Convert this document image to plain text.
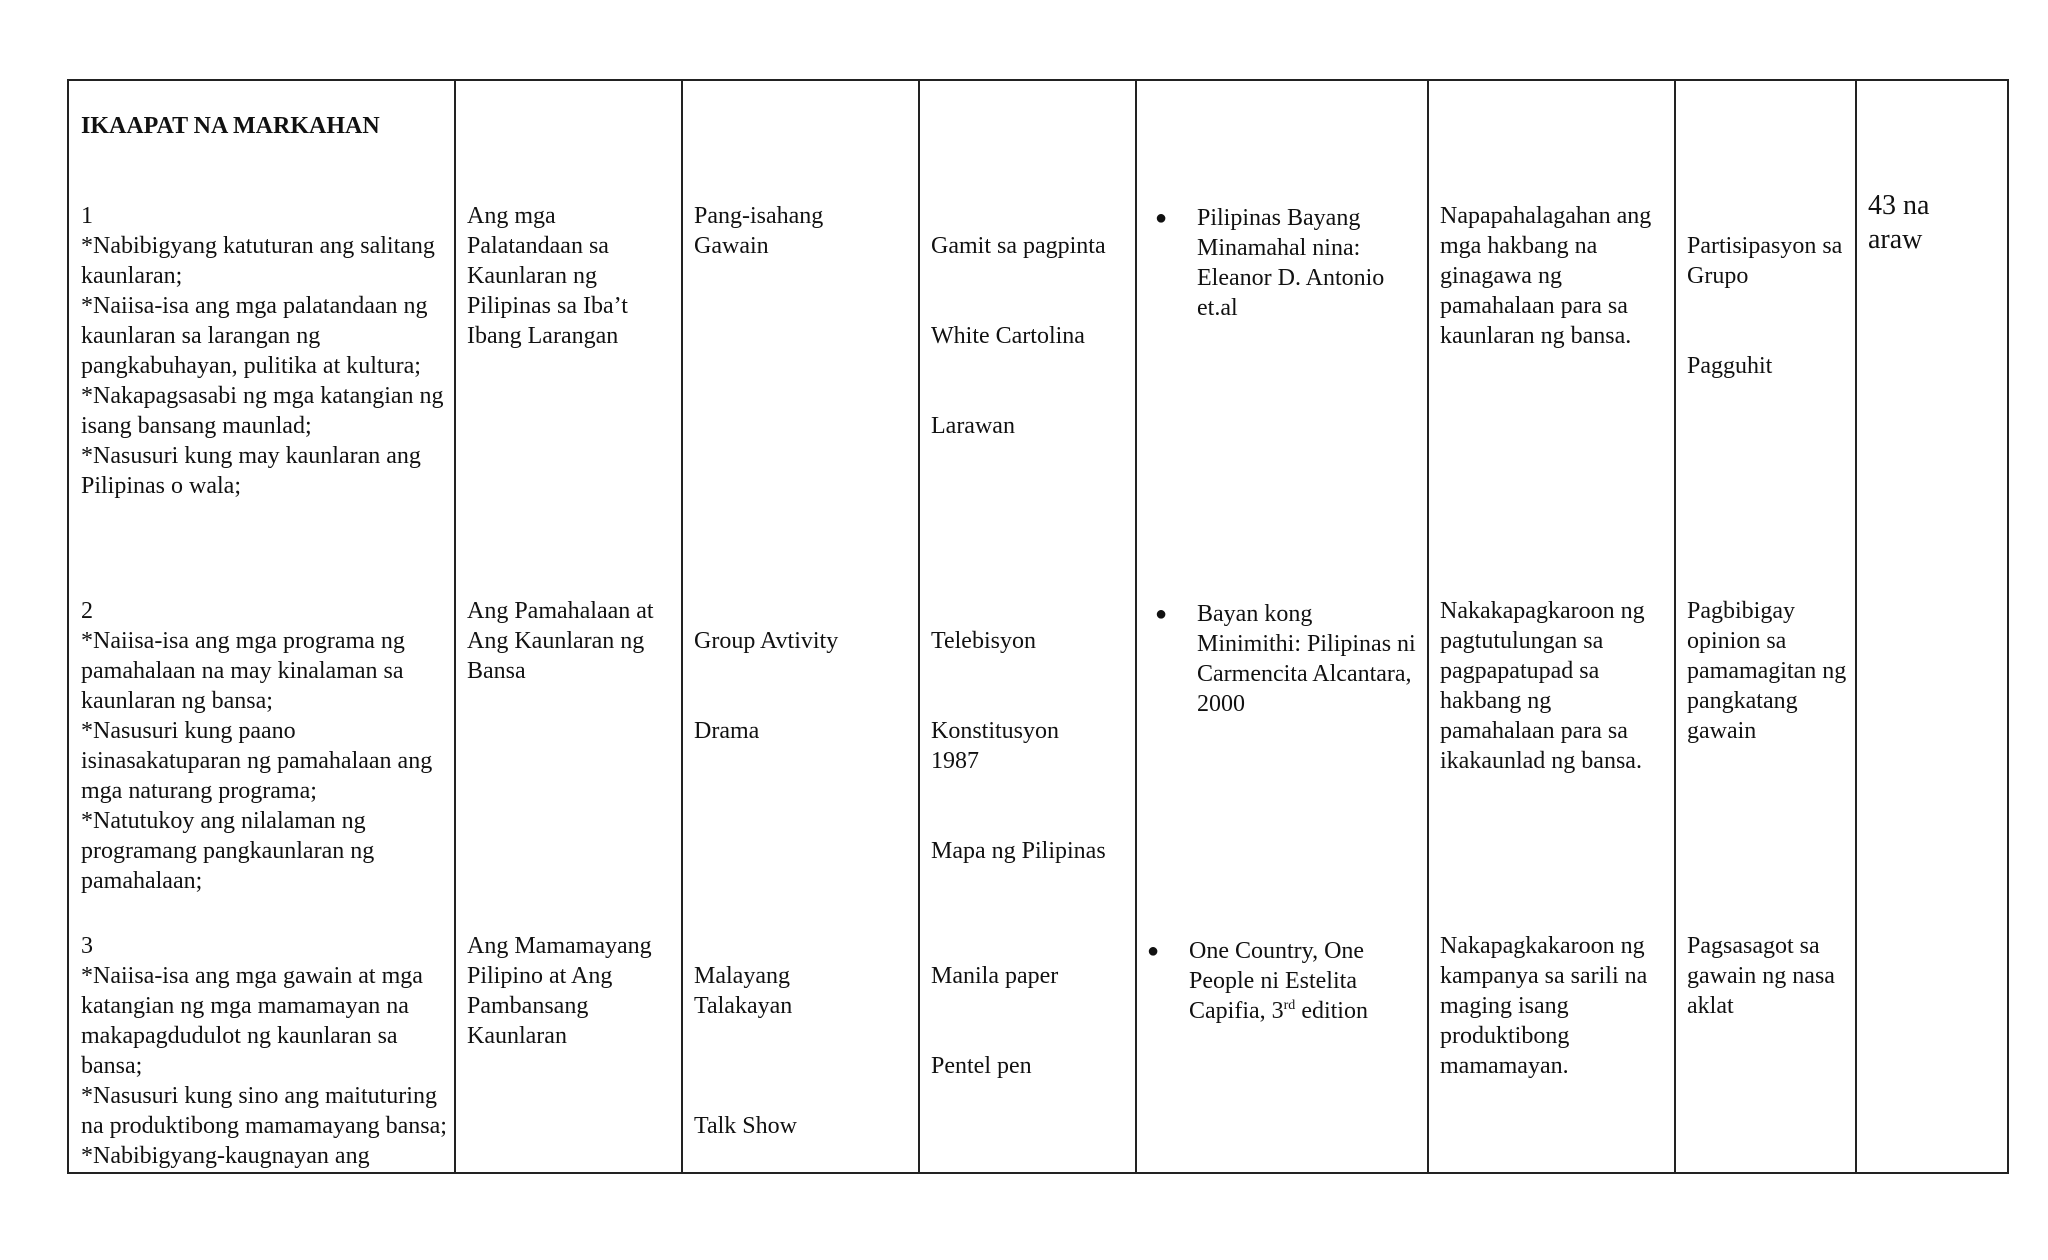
IKAAPAT NA MARKAHAN

1

*Nabibigyang katuturan ang salitang kaunlaran;
*Naiisa-isa ang mga palatandaan ng kaunlaran sa larangan ng pangkabuhayan, pulitika at kultura;
*Nakapagsasabi ng mga katangian ng isang bansang maunlad;
*Nasusuri kung may kaunlaran ang Pilipinas o wala;

2

*Naiisa-isa ang mga programa ng pamahalaan na may kinalaman sa kaunlaran ng bansa;
*Nasusuri kung paano isinasakatuparan ng pamahalaan ang mga naturang programa;
*Natutukoy ang nilalaman ng programang pangkaunlaran ng pamahalaan;

3

*Naiisa-isa ang mga gawain at mga katangian ng mga mamamayan na makapagdudulot ng kaunlaran sa bansa;
*Nasusuri kung sino ang maituturing na produktibong mamamayang bansa;
*Nabibigyang-kaugnayan ang

Ang mga Palatandaan sa Kaunlaran ng Pilipinas sa Iba’t Ibang Larangan
Ang Pamahalaan at Ang Kaunlaran ng Bansa
Ang Mamamayang Pilipino at Ang Pambansang Kaunlaran
Pang-isahang Gawain

Group Avtivity

Drama

Malayang Talakayan

Talk Show

Gamit sa pagpinta

White Cartolina

Larawan

Telebisyon

Konstitusyon 1987

Mapa ng Pilipinas

Manila paper

Pentel pen

● Pilipinas Bayang Minamahal nina: Eleanor D. Antonio et.al
● Bayan kong Minimithi: Pilipinas ni Carmencita Alcantara, 2000
● One Country, One People ni Estelita Capifia, 3rd edition
Napapahalagahan ang mga hakbang na ginagawa ng pamahalaan para sa kaunlaran ng bansa.
Nakakapagkaroon ng pagtutulungan sa pagpapatupad sa hakbang ng pamahalaan para sa ikakaunlad ng bansa.
Nakapagkakaroon ng kampanya sa sarili na maging isang produktibong mamamayan.

Partisipasyon sa Grupo

Pagguhit

Pagbibigay opinion sa pamamagitan ng pangkatang gawain
Pagsasagot sa gawain ng nasa aklat
43 na araw
